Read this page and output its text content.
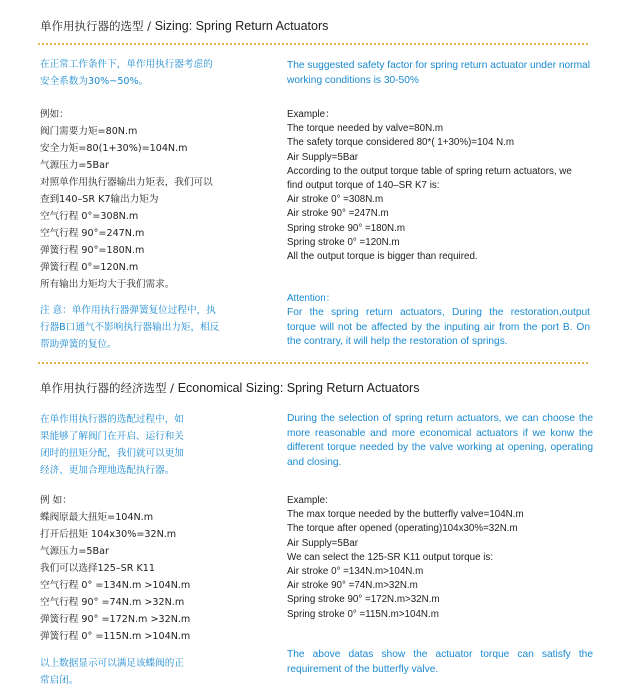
单作用执行器的选型 / Sizing: Spring Return Actuators
在正常工作条件下，单作用执行器考虑的
安全系数为30%~50%。
The suggested safety factor for spring return actuator under normal working conditions is 30-50%
例如：
阀门需要力矩=80N.m
安全力矩=80(1+30%)=104N.m
气源压力=5Bar
对照单作用执行器输出力矩表，我们可以
查到140–SR K7输出力矩为
空气行程 0°=308N.m
空气行程 90°=247N.m
弹簧行程 90°=180N.m
弹簧行程 0°=120N.m
所有输出力矩均大于我们需求。
Example：
The torque needed by valve=80N.m
The safety torque considered 80*( 1+30%)=104 N.m
Air Supply=5Bar
According to the output torque table of spring return actuators, we
find output torque of 140–SR K7 is:
Air stroke 0° =308N.m
Air stroke 90° =247N.m
Spring stroke 90° =180N.m
Spring stroke 0° =120N.m
All the output torque is bigger than required.
注 意：单作用执行器弹簧复位过程中，执
行器B口通气不影响执行器输出力矩，相反
帮助弹簧的复位。
Attention：
For the spring return actuators, During the restoration,output torque will not be affected by the inputing air from the port B. On the contrary, it will help the restoration of springs.
单作用执行器的经济选型 / Economical Sizing: Spring Return Actuators
在单作用执行器的选配过程中，如
果能够了解阀门在开启、运行和关
闭时的扭矩分配，我们就可以更加
经济、更加合理地选配执行器。
During the selection of spring return actuators, we can choose the more reasonable and more economical actuators if we konw the different torque needed by the valve working at opening, operating and closing.
例 如：
蝶阀原最大扭矩=104N.m
打开后扭矩 104x30%=32N.m
气源压力=5Bar
我们可以选择125–SR K11
空气行程 0° =134N.m >104N.m
空气行程 90° =74N.m >32N.m
弹簧行程 90° =172N.m >32N.m
弹簧行程 0° =115N.m >104N.m
Example:
The max torque needed by the butterfly valve=104N.m
The torque after opened (operating)104x30%=32N.m
Air Supply=5Bar
We can select the 125-SR K11 output torque is:
Air stroke 0° =134N.m>104N.m
Air stroke 90° =74N.m>32N.m
Spring stroke 90° =172N.m>32N.m
Spring stroke 0° =115N.m>104N.m
以上数据显示可以满足该蝶阀的正
常启闭。
The above datas show the actuator torque can satisfy the requirement of the butterfly valve.
